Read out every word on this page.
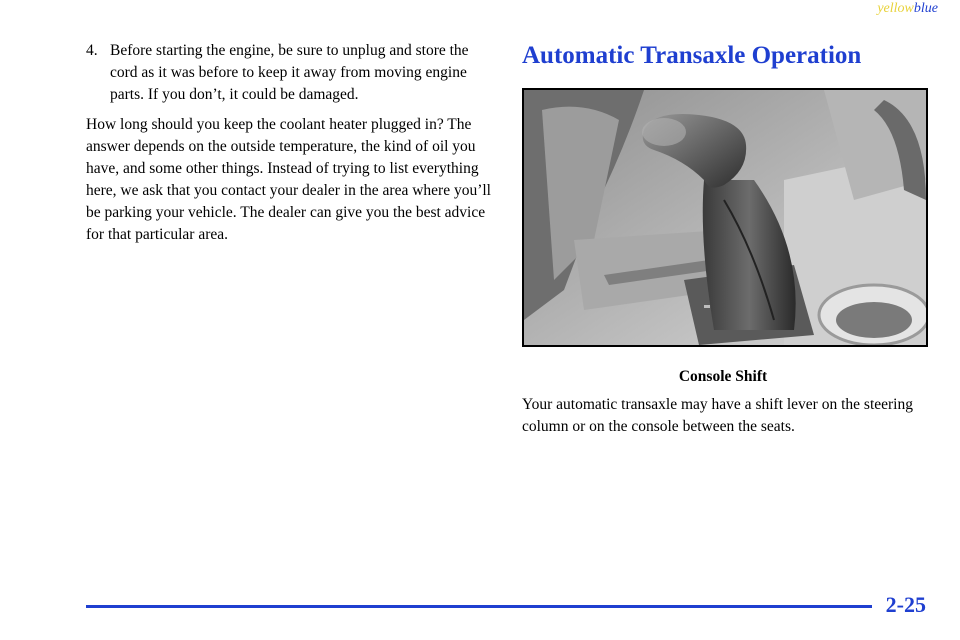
yellowblue
4. Before starting the engine, be sure to unplug and store the cord as it was before to keep it away from moving engine parts. If you don’t, it could be damaged.

How long should you keep the coolant heater plugged in? The answer depends on the outside temperature, the kind of oil you have, and some other things. Instead of trying to list everything here, we ask that you contact your dealer in the area where you’ll be parking your vehicle. The dealer can give you the best advice for that particular area.

Automatic Transaxle Operation
Console Shift

Your automatic transaxle may have a shift lever on the steering column or on the console between the seats.

2-25
